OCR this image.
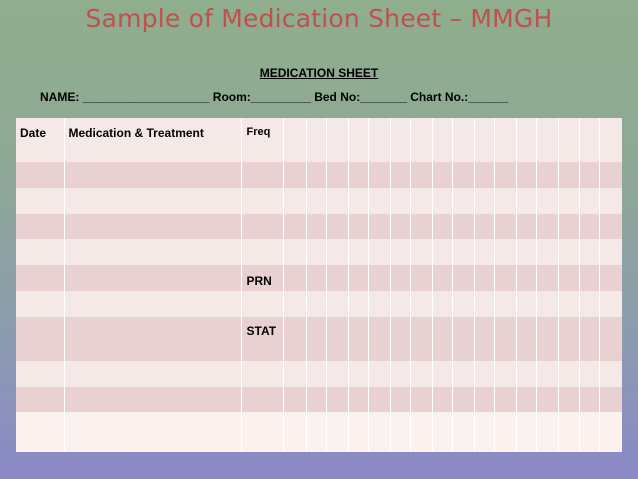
Sample of Medication Sheet – MMGH
MEDICATION SHEET
NAME: ___________________ Room:_________ Bed No:_______ Chart No.:______
Date	Medication & Treatment	Freq																

		PRN																

		STAT																
